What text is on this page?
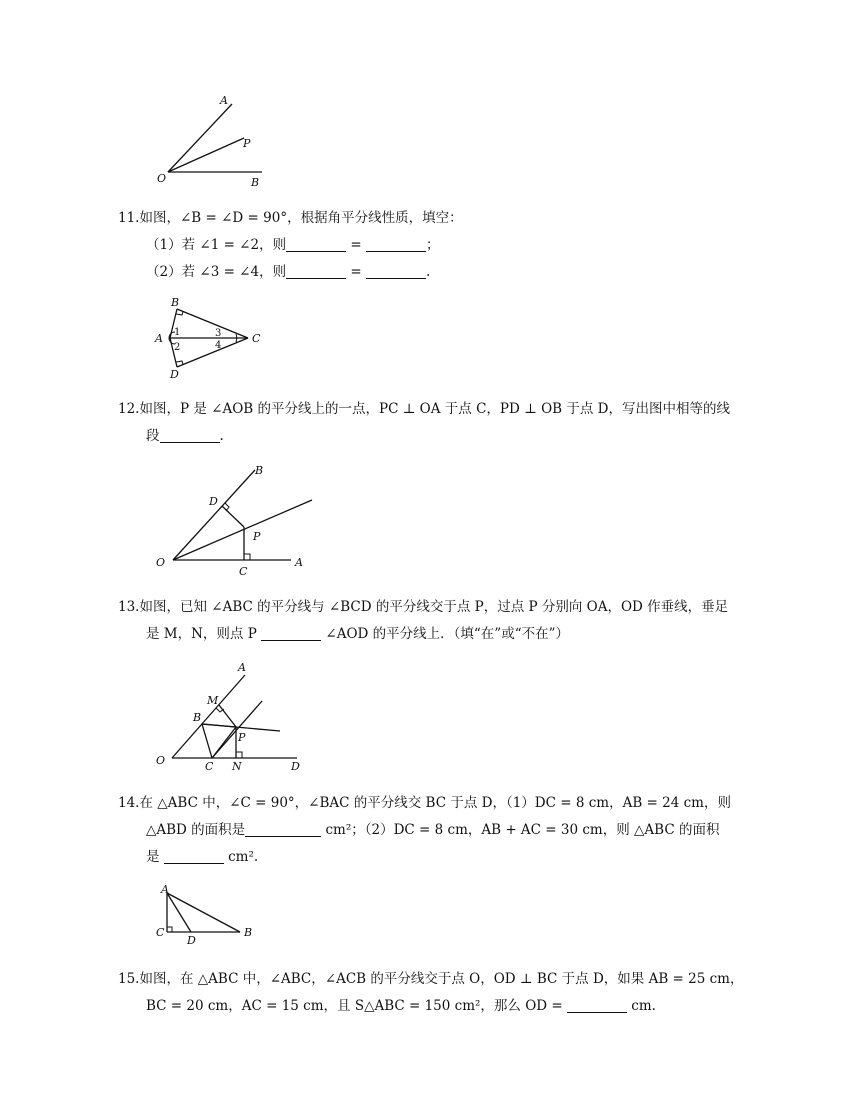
A
P
O	B
11.如图，∠B = ∠D = 90°，根据角平分线性质，填空：
（1）若 ∠1 = ∠2，则	=	；
（2）若 ∠3 = ∠4，则	=	.
B
A	C
D
1
2
3
4
12.如图，P 是 ∠AOB 的平分线上的一点，PC ⊥ OA 于点 C，PD ⊥ OB 于点 D，写出图中相等的线
段	.
B
D
P
O
C
A
13.如图，已知 ∠ABC 的平分线与 ∠BCD 的平分线交于点 P，过点 P 分别向 OA，OD 作垂线，垂足
是 M，N，则点 P	∠AOD 的平分线上．（填“在”或“不在”）
A
M
B
P
O	C N	D
14.在 △ABC 中，∠C = 90°，∠BAC 的平分线交 BC 于点 D，（1）DC = 8 cm，AB = 24 cm，则
△ABD 的面积是	cm²；（2）DC = 8 cm，AB + AC = 30 cm，则 △ABC 的面积
是	cm².
A
C
D
B
15.如图，在 △ABC 中，∠ABC，∠ACB 的平分线交于点 O，OD ⊥ BC 于点 D，如果 AB = 25 cm，
BC = 20 cm，AC = 15 cm，且 S△ABC = 150 cm²，那么 OD =	cm.
